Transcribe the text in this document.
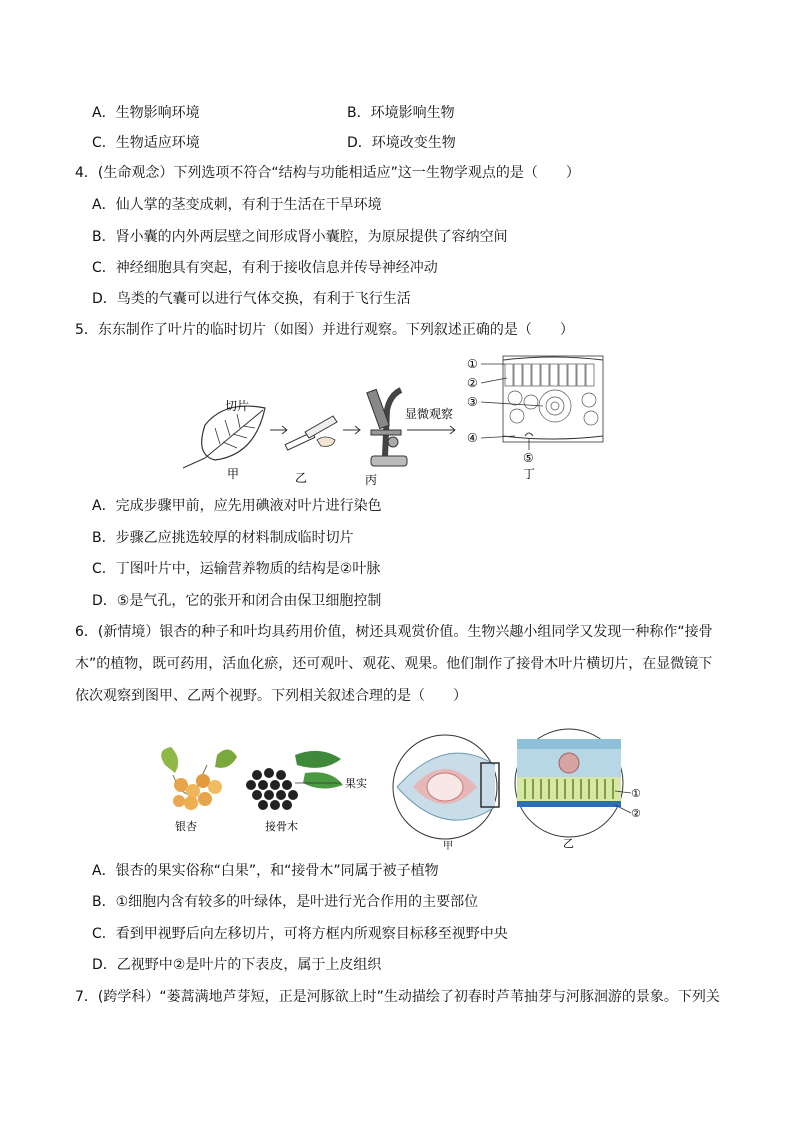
A．生物影响环境	B．环境影响生物
C．生物适应环境	D．环境改变生物
4．(生命观念）下列选项不符合“结构与功能相适应”这一生物学观点的是（　　）
A．仙人掌的茎变成刺，有利于生活在干旱环境
B．肾小囊的内外两层壁之间形成肾小囊腔，为原尿提供了容纳空间
C．神经细胞具有突起，有利于接收信息并传导神经冲动
D．鸟类的气囊可以进行气体交换，有利于飞行生活
5．东东制作了叶片的临时切片（如图）并进行观察。下列叙述正确的是（　　）
切片
甲	乙	丙
显微观察
①
②
③
④
⑤
丁
A．完成步骤甲前，应先用碘液对叶片进行染色
B．步骤乙应挑选较厚的材料制成临时切片
C．丁图叶片中，运输营养物质的结构是②叶脉
D．⑤是气孔，它的张开和闭合由保卫细胞控制
6．(新情境）银杏的种子和叶均具药用价值，树还具观赏价值。生物兴趣小组同学又发现一种称作“接骨
木”的植物，既可药用，活血化瘀，还可观叶、观花、观果。他们制作了接骨木叶片横切片，在显微镜下
依次观察到图甲、乙两个视野。下列相关叙述合理的是（　　）
银杏
果实
接骨木
甲
①
②
乙
A．银杏的果实俗称“白果”，和“接骨木”同属于被子植物
B．①细胞内含有较多的叶绿体，是叶进行光合作用的主要部位
C．看到甲视野后向左移切片，可将方框内所观察目标移至视野中央
D．乙视野中②是叶片的下表皮，属于上皮组织
7．(跨学科）“蒌蒿满地芦芽短，正是河豚欲上时”生动描绘了初春时芦苇抽芽与河豚洄游的景象。下列关
